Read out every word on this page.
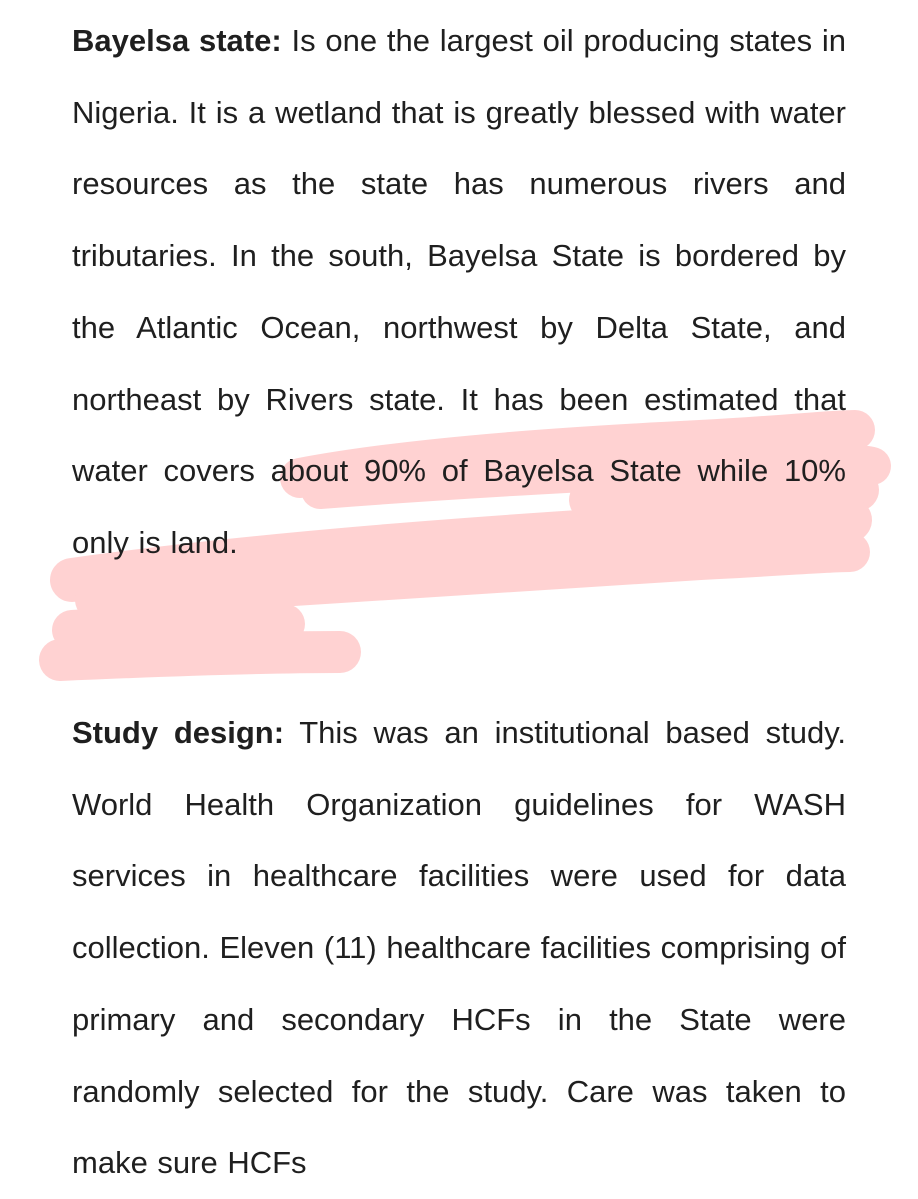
Bayelsa state: Is one the largest oil producing states in Nigeria. It is a wetland that is greatly blessed with water resources as the state has numerous rivers and tributaries. In the south, Bayelsa State is bordered by the Atlantic Ocean, northwest by Delta State, and northeast by Rivers state. It has been estimated that water covers about 90% of Bayelsa State while 10% only is land.

Study design: This was an institutional based study. World Health Organization guidelines for WASH services in healthcare facilities were used for data collection. Eleven (11) healthcare facilities comprising of primary and secondary HCFs in the State were randomly selected for the study. Care was taken to make sure HCFs
